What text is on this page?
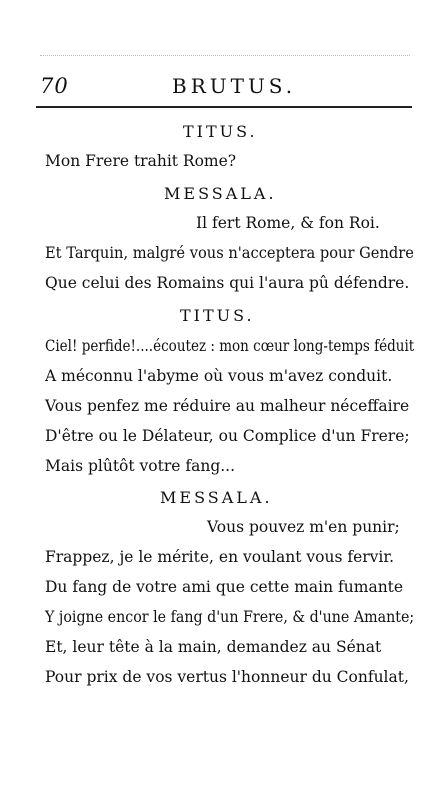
70	BRUTUS.
TITUS.
Mon Frere trahit Rome?
MESSALA.
Il fert Rome, & fon Roi.
Et Tarquin, malgré vous n'acceptera pour Gendre
Que celui des Romains qui l'aura pû défendre.
TITUS.
Ciel! perfide!....écoutez : mon cœur long-temps féduit
A méconnu l'abyme où vous m'avez conduit.
Vous penfez me réduire au malheur néceffaire
D'être ou le Délateur, ou Complice d'un Frere;
Mais plûtôt votre fang...
MESSALA.
Vous pouvez m'en punir;
Frappez, je le mérite, en voulant vous fervir.
Du fang de votre ami que cette main fumante
Y joigne encor le fang d'un Frere, & d'une Amante;
Et, leur tête à la main, demandez au Sénat
Pour prix de vos vertus l'honneur du Confulat,
